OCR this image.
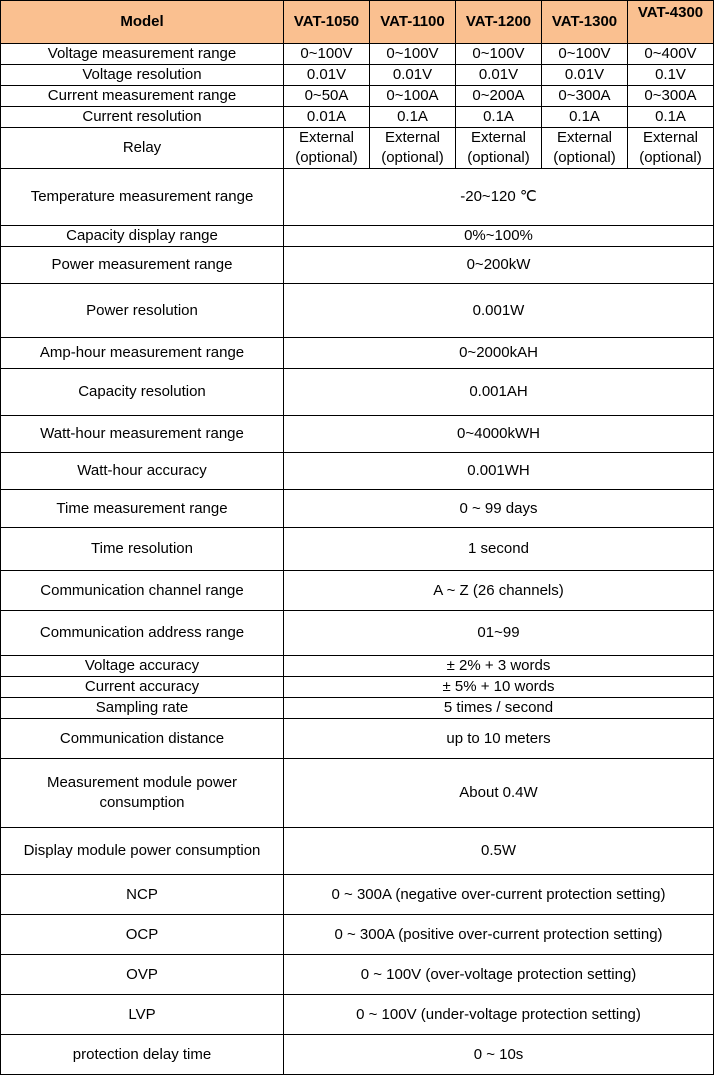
Model	VAT-1050	VAT-1100	VAT-1200	VAT-1300	VAT-4300
Voltage measurement range	0~100V	0~100V	0~100V	0~100V	0~400V
Voltage resolution	0.01V	0.01V	0.01V	0.01V	0.1V
Current measurement range	0~50A	0~100A	0~200A	0~300A	0~300A
Current resolution	0.01A	0.1A	0.1A	0.1A	0.1A
Relay	External (optional)	External (optional)	External (optional)	External (optional)	External (optional)
Temperature measurement range	-20~120 ℃				
Capacity display range	0%~100%				
Power measurement range	0~200kW				
Power resolution	0.001W				
Amp-hour measurement range	0~2000kAH				
Capacity resolution	0.001AH				
Watt-hour measurement range	0~4000kWH				
Watt-hour accuracy	0.001WH				
Time measurement range	0 ~ 99 days				
Time resolution	1 second				
Communication channel range	A ~ Z (26 channels)				
Communication address range	01~99				
Voltage accuracy	± 2% + 3 words				
Current accuracy	± 5% + 10 words				
Sampling rate	5 times / second				
Communication distance	up to 10 meters				
Measurement module power consumption	About 0.4W				
Display module power consumption	0.5W				
NCP	0 ~ 300A (negative over-current protection setting)				
OCP	0 ~ 300A (positive over-current protection setting)				
OVP	0 ~ 100V (over-voltage protection setting)				
LVP	0 ~ 100V (under-voltage protection setting)				
protection delay time	0 ~ 10s				
